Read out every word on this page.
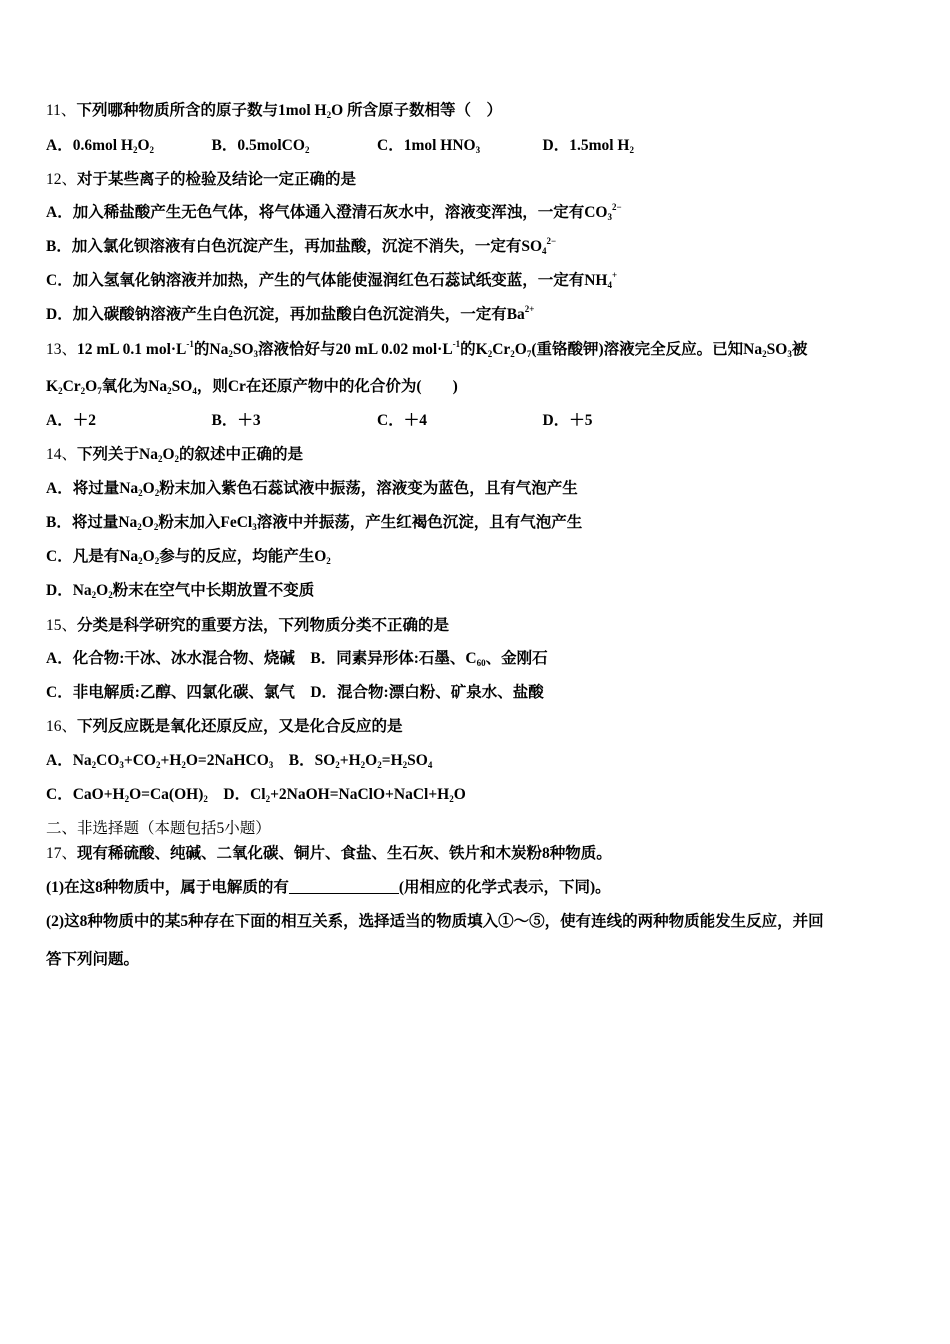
11、下列哪种物质所含的原子数与1mol $H_2O$ 所含原子数相等（　）
A．0.6mol $H_2O_2$	B．0.5molCO$_2$	C．1mol $HNO_3$	D．1.5mol $H_2$
12、对于某些离子的检验及结论一定正确的是
A．加入稀盐酸产生无色气体，将气体通入澄清石灰水中，溶液变浑浊，一定有$CO_3^{2-}$
B．加入氯化钡溶液有白色沉淀产生，再加盐酸，沉淀不消失，一定有$SO_4^{2-}$
C．加入氢氧化钠溶液并加热，产生的气体能使湿润红色石蕊试纸变蓝，一定有$NH_4^+$
D．加入碳酸钠溶液产生白色沉淀，再加盐酸白色沉淀消失，一定有$Ba^{2+}$
13、12 mL 0.1 $mol\cdot L^{-1}$的$Na_2SO_3$溶液恰好与20 mL 0.02 $mol\cdot L^{-1}$的$K_2Cr_2O_7$(重铬酸钾)溶液完全反应。已知$Na_2SO_3$被
$K_2Cr_2O_7$氧化为$Na_2SO_4$，则Cr在还原产物中的化合价为(　　)
A．＋2	B．＋3	C．＋4	D．＋5
14、下列关于$Na_2O_2$的叙述中正确的是
A．将过量$Na_2O_2$粉末加入紫色石蕊试液中振荡，溶液变为蓝色，且有气泡产生
B．将过量$Na_2O_2$粉末加入FeCl$_3$溶液中并振荡，产生红褐色沉淀，且有气泡产生
C．凡是有$Na_2O_2$参与的反应，均能产生$O_2$
D．$Na_2O_2$粉末在空气中长期放置不变质
15、分类是科学研究的重要方法，下列物质分类不正确的是
A．化合物:干冰、冰水混合物、烧碱　B．同素异形体:石墨、$C_{60}$、金刚石
C．非电解质:乙醇、四氯化碳、氯气　D．混合物:漂白粉、矿泉水、盐酸
16、下列反应既是氧化还原反应，又是化合反应的是
A．$Na_2CO_3+CO_2+H_2O=2NaHCO_3$　B．$SO_2+H_2O_2=H_2SO_4$
C．$CaO+H_2O=Ca(OH)_2$　D．$Cl_2+2NaOH=NaClO+NaCl+H_2O$
二、非选择题（本题包括5小题）
17、现有稀硫酸、纯碱、二氧化碳、铜片、食盐、生石灰、铁片和木炭粉8种物质。
(1)在这8种物质中，属于电解质的有	(用相应的化学式表示，下同)。
(2)这8种物质中的某5种存在下面的相互关系，选择适当的物质填入①～⑤，使有连线的两种物质能发生反应，并回
答下列问题。
